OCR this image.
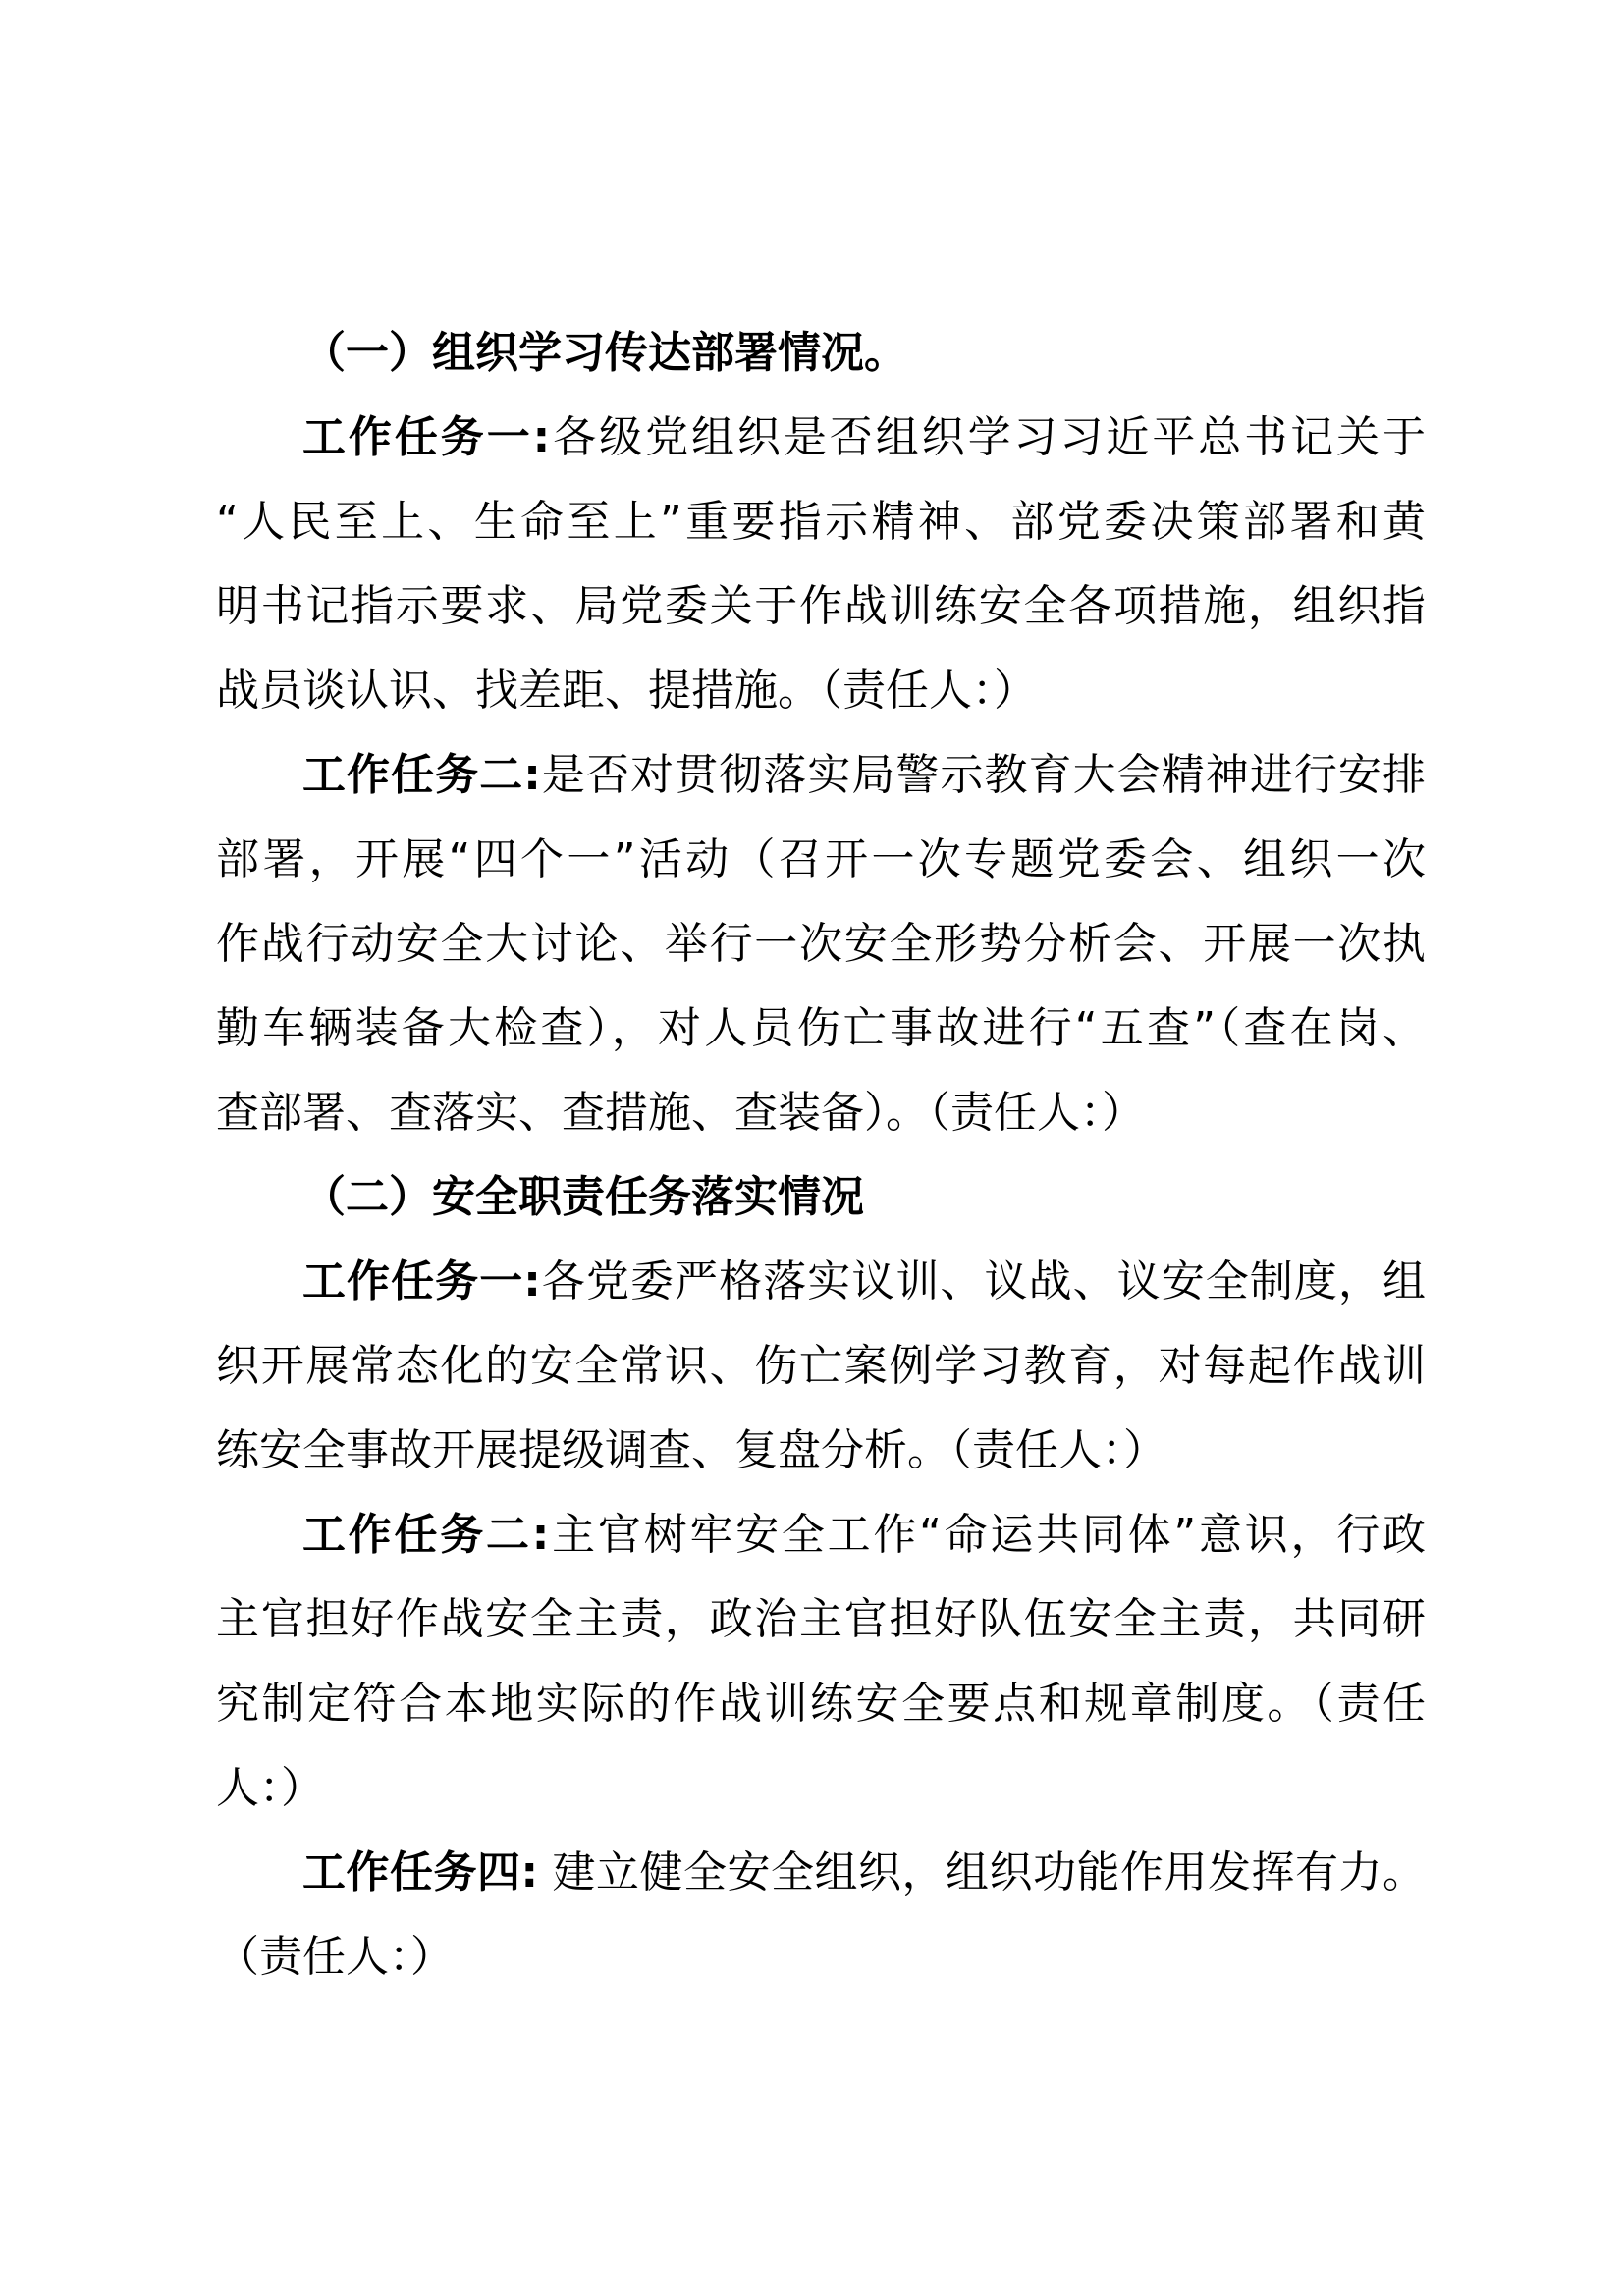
（一）组织学习传达部署情况。
工作任务一:各级党组织是否组织学习习近平总书记关于
“人民至上、生命至上”重要指示精神、部党委决策部署和黄
明书记指示要求、局党委关于作战训练安全各项措施，组织指
战员谈认识、找差距、提措施。（责任人：）
工作任务二:是否对贯彻落实局警示教育大会精神进行安排
部署，开展“四个一”活动（召开一次专题党委会、组织一次
作战行动安全大讨论、举行一次安全形势分析会、开展一次执
勤车辆装备大检查），对人员伤亡事故进行“五查”（查在岗、
查部署、查落实、查措施、查装备）。（责任人：）
（二）安全职责任务落实情况
工作任务一:各党委严格落实议训、议战、议安全制度，组
织开展常态化的安全常识、伤亡案例学习教育，对每起作战训
练安全事故开展提级调查、复盘分析。（责任人：）
工作任务二:主官树牢安全工作“命运共同体”意识，行政
主官担好作战安全主责，政治主官担好队伍安全主责，共同研
究制定符合本地实际的作战训练安全要点和规章制度。（责任
人：）
工作任务四: 建立健全安全组织，组织功能作用发挥有力。
（责任人：）
